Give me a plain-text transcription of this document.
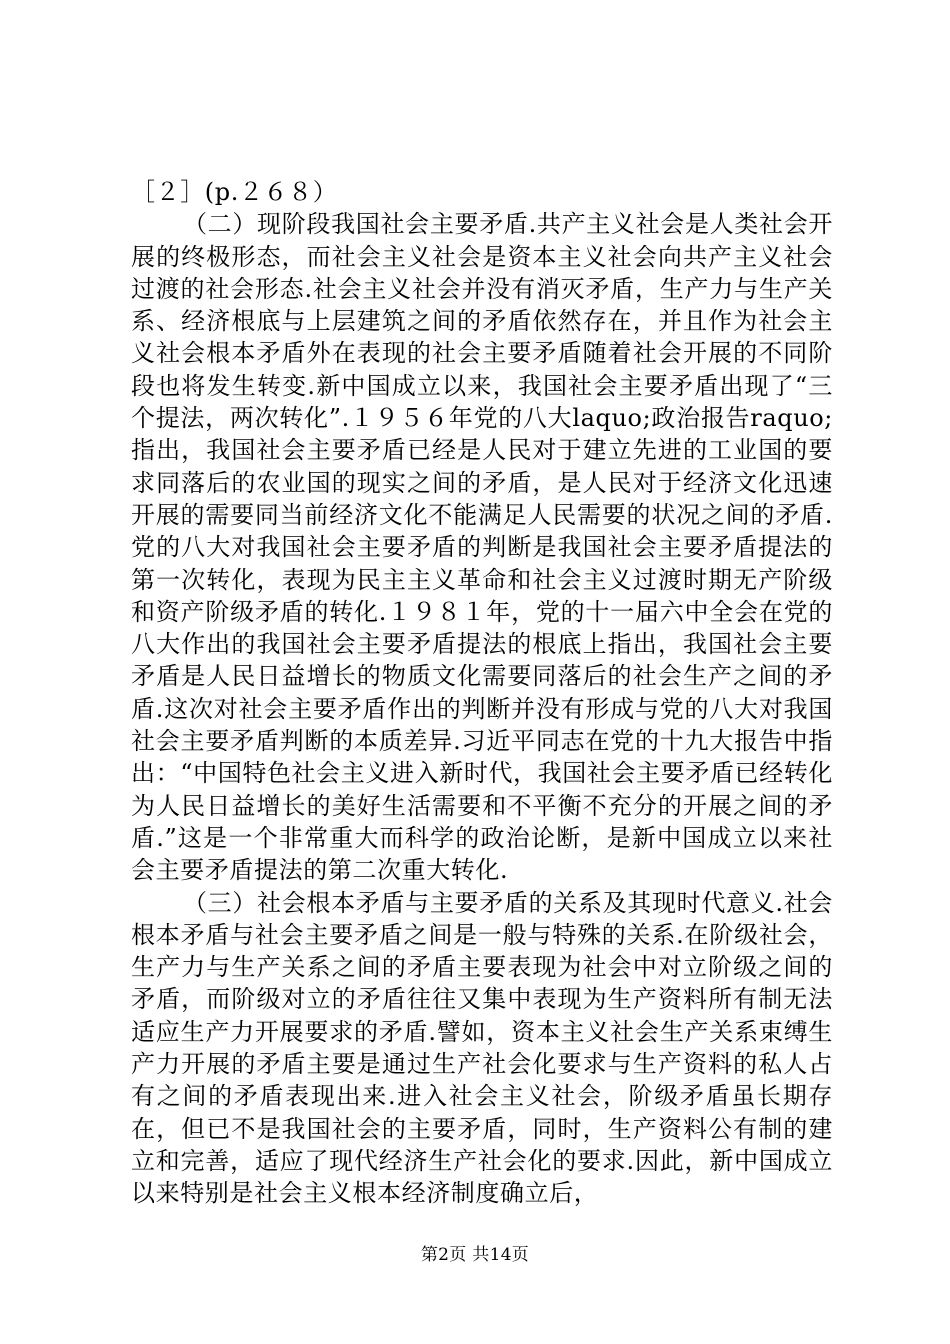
［２］(p.２６８）

（二）现阶段我国社会主要矛盾.共产主义社会是人类社会开展的终极形态，而社会主义社会是资本主义社会向共产主义社会过渡的社会形态.社会主义社会并没有消灭矛盾，生产力与生产关系、经济根底与上层建筑之间的矛盾依然存在，并且作为社会主义社会根本矛盾外在表现的社会主要矛盾随着社会开展的不同阶段也将发生转变.新中国成立以来，我国社会主要矛盾出现了“三个提法，两次转化”.１９５６年党的八大laquo;政治报告raquo;指出，我国社会主要矛盾已经是人民对于建立先进的工业国的要求同落后的农业国的现实之间的矛盾，是人民对于经济文化迅速开展的需要同当前经济文化不能满足人民需要的状况之间的矛盾.党的八大对我国社会主要矛盾的判断是我国社会主要矛盾提法的第一次转化，表现为民主主义革命和社会主义过渡时期无产阶级和资产阶级矛盾的转化.１９８１年，党的十一届六中全会在党的八大作出的我国社会主要矛盾提法的根底上指出，我国社会主要矛盾是人民日益增长的物质文化需要同落后的社会生产之间的矛盾.这次对社会主要矛盾作出的判断并没有形成与党的八大对我国社会主要矛盾判断的本质差异.习近平同志在党的十九大报告中指出：“中国特色社会主义进入新时代，我国社会主要矛盾已经转化为人民日益增长的美好生活需要和不平衡不充分的开展之间的矛盾.”这是一个非常重大而科学的政治论断，是新中国成立以来社会主要矛盾提法的第二次重大转化.

（三）社会根本矛盾与主要矛盾的关系及其现时代意义.社会根本矛盾与社会主要矛盾之间是一般与特殊的关系.在阶级社会，生产力与生产关系之间的矛盾主要表现为社会中对立阶级之间的矛盾，而阶级对立的矛盾往往又集中表现为生产资料所有制无法适应生产力开展要求的矛盾.譬如，资本主义社会生产关系束缚生产力开展的矛盾主要是通过生产社会化要求与生产资料的私人占有之间的矛盾表现出来.进入社会主义社会，阶级矛盾虽长期存在，但已不是我国社会的主要矛盾，同时，生产资料公有制的建立和完善，适应了现代经济生产社会化的要求.因此，新中国成立以来特别是社会主义根本经济制度确立后，

第2页 共14页
